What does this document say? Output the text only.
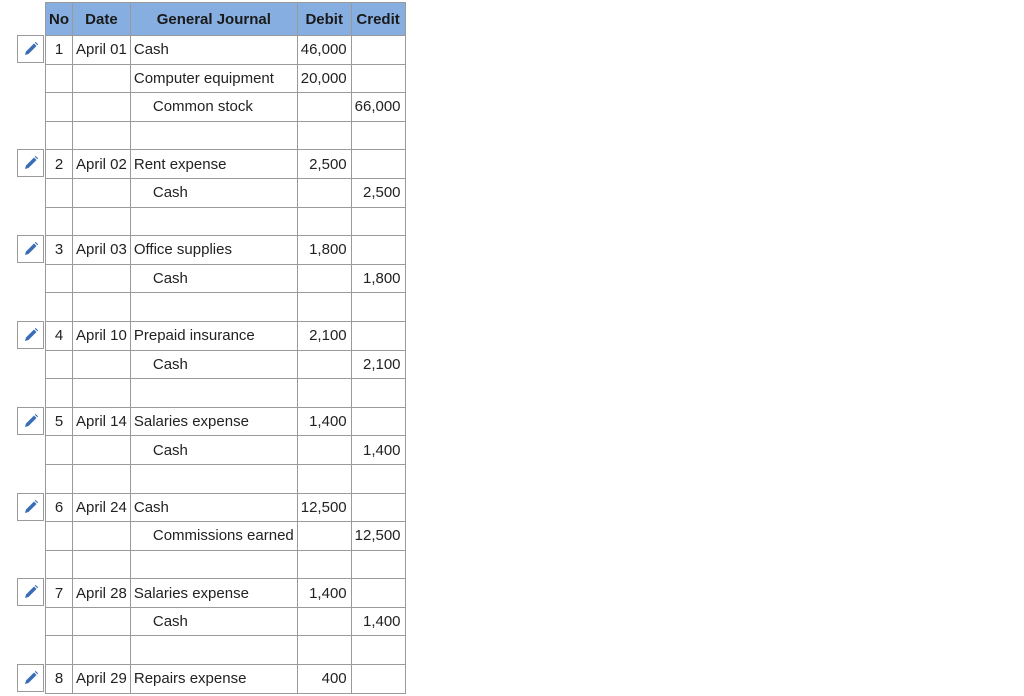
No	Date	General Journal	Debit	Credit
1	April 01	Cash	46,000	
		Computer equipment	20,000	
		Common stock		66,000

2	April 02	Rent expense	2,500	
		Cash		2,500

3	April 03	Office supplies	1,800	
		Cash		1,800

4	April 10	Prepaid insurance	2,100	
		Cash		2,100

5	April 14	Salaries expense	1,400	
		Cash		1,400

6	April 24	Cash	12,500	
		Commissions earned		12,500

7	April 28	Salaries expense	1,400	
		Cash		1,400

8	April 29	Repairs expense	400	
